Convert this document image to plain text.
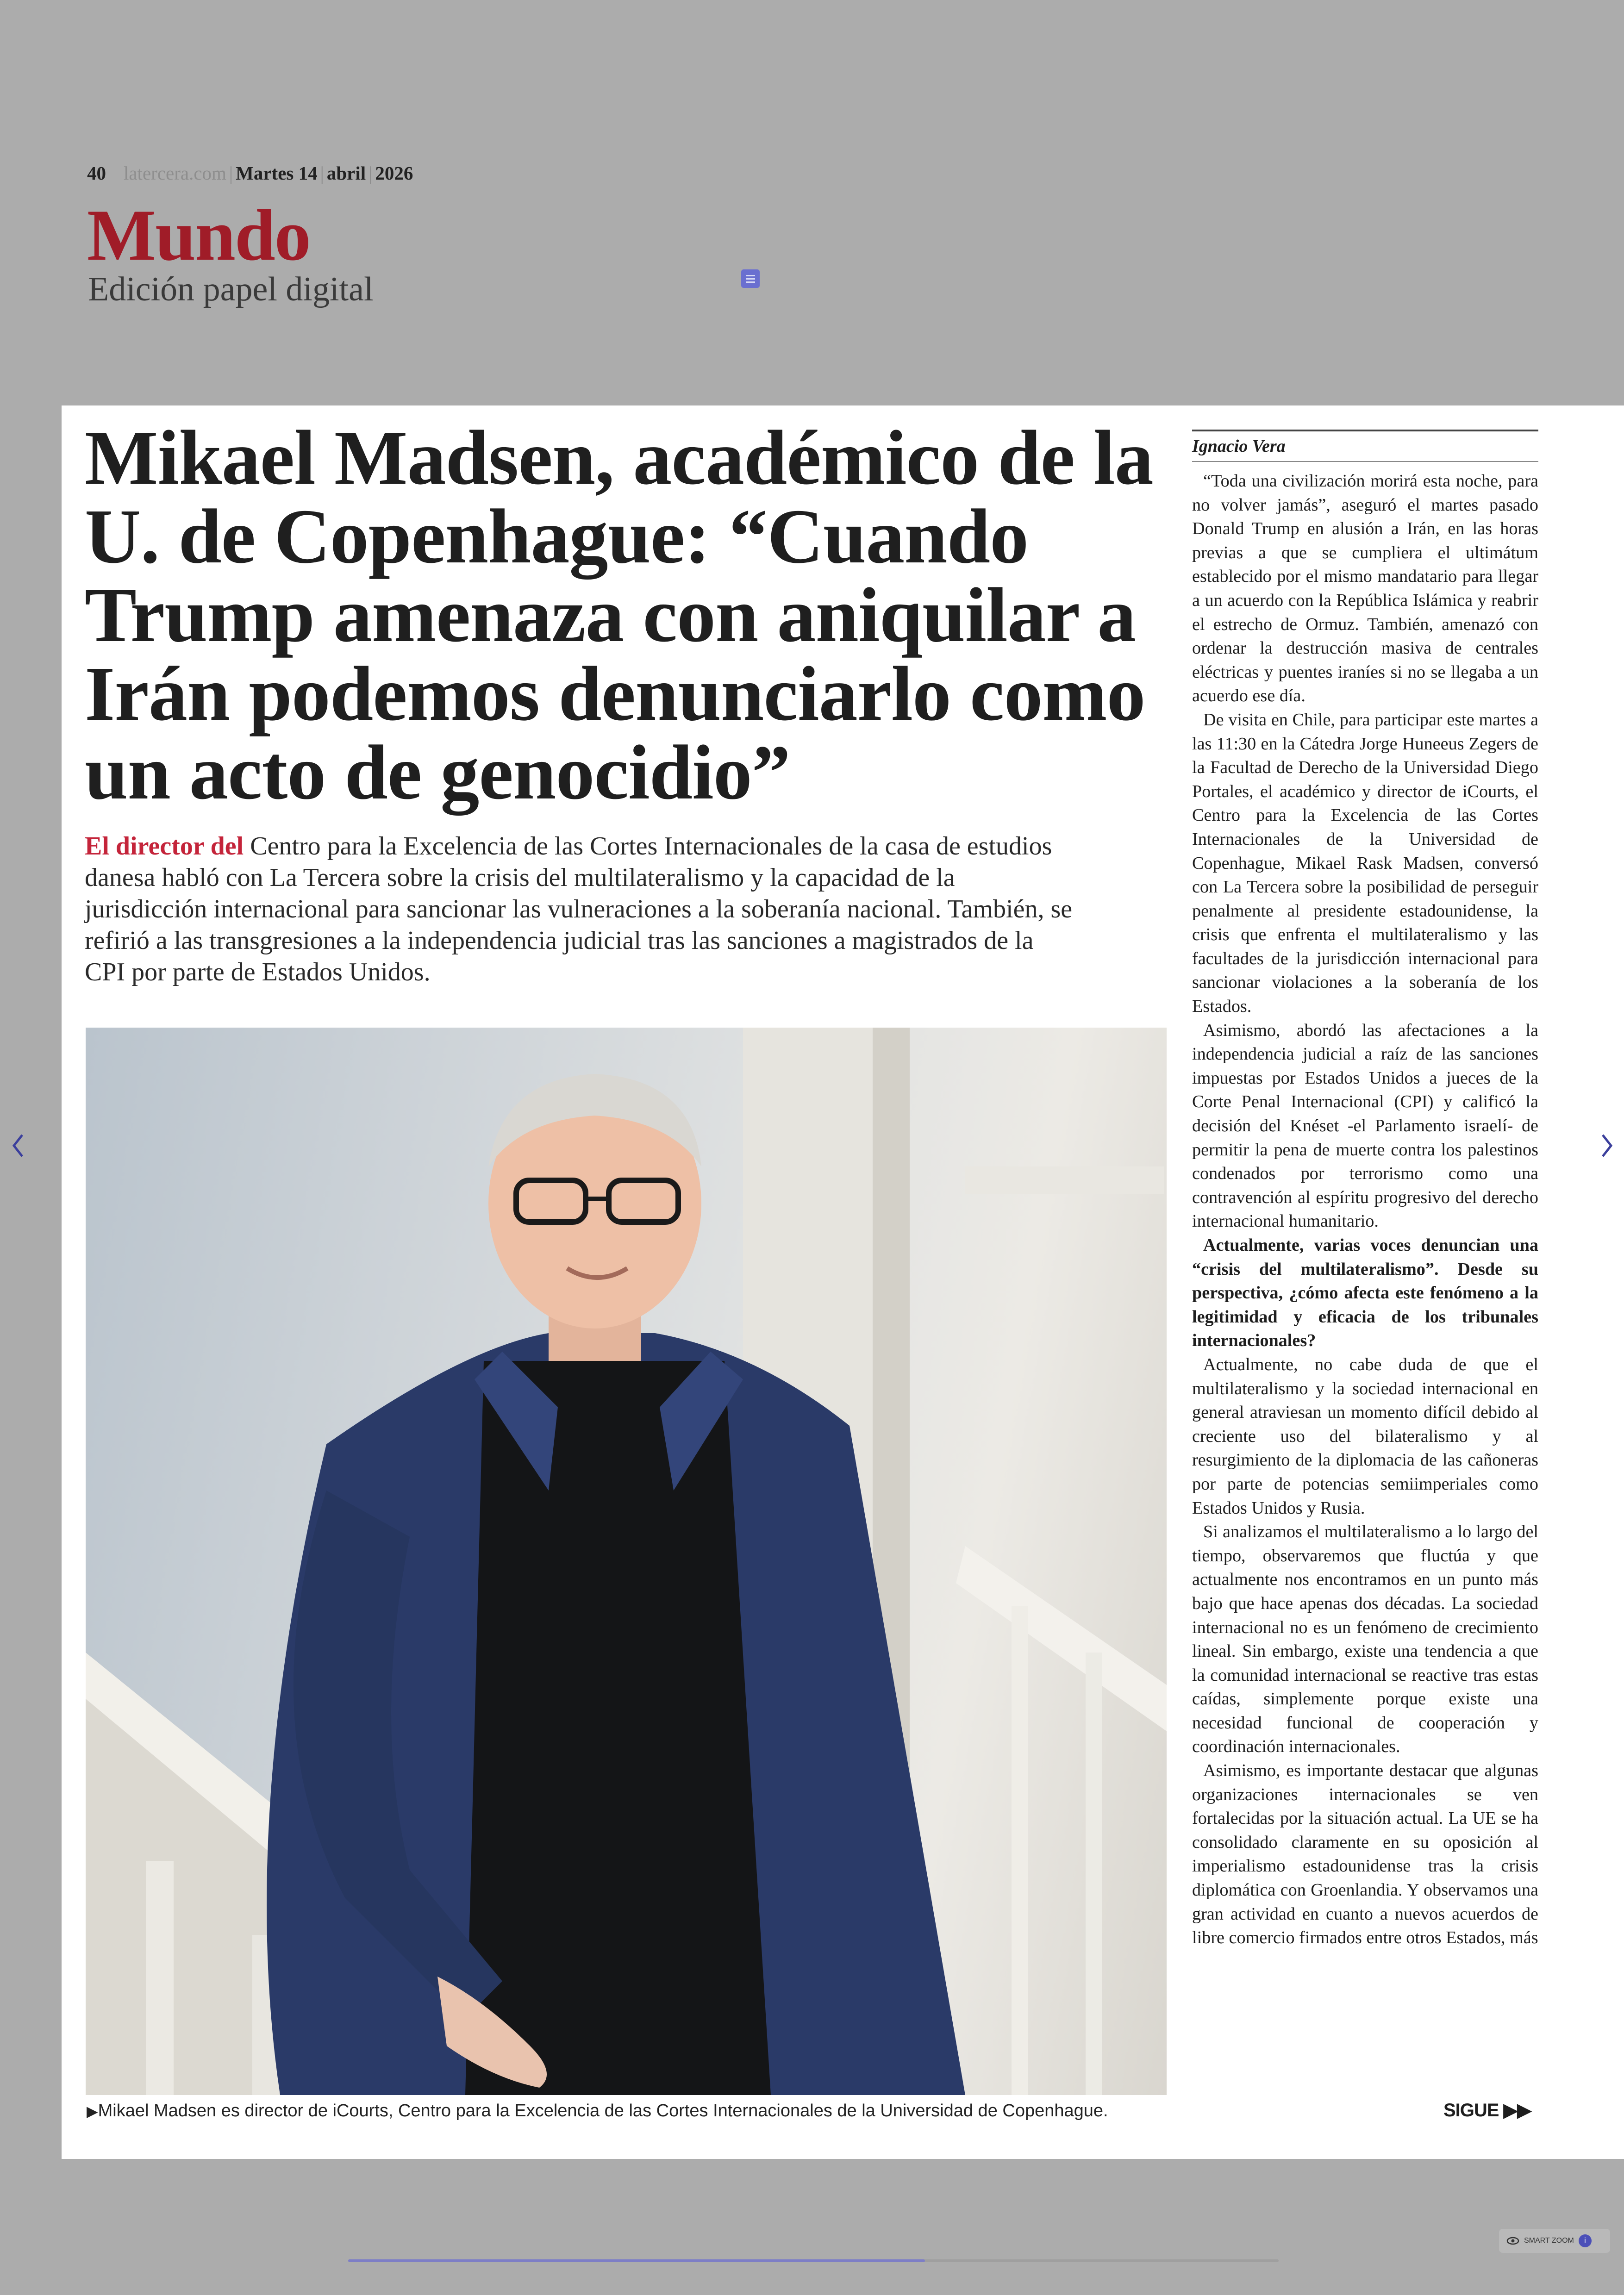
40 latercera.com | Martes 14 | abril | 2026
Mundo
Edición papel digital
Mikael Madsen, académico de la U. de Copenhague: “Cuando Trump amenaza con aniquilar a Irán podemos denunciarlo como un acto de genocidio”

El director del Centro para la Excelencia de las Cortes Internacionales de la casa de estudios danesa habló con La Tercera sobre la crisis del multilateralismo y la capacidad de la jurisdicción internacional para sancionar las vulneraciones a la soberanía nacional. También, se refirió a las transgresiones a la independencia judicial tras las sanciones a magistrados de la CPI por parte de Estados Unidos.

▶Mikael Madsen es director de iCourts, Centro para la Excelencia de las Cortes Internacionales de la Universidad de Copenhague.
Ignacio Vera

“Toda una civilización morirá esta noche, para no volver jamás”, aseguró el martes pasado Donald Trump en alusión a Irán, en las horas previas a que se cumpliera el ultimátum establecido por el mismo mandatario para llegar a un acuerdo con la República Islámica y reabrir el estrecho de Ormuz. También, amenazó con ordenar la destrucción masiva de centrales eléctricas y puentes iraníes si no se llegaba a un acuerdo ese día.

De visita en Chile, para participar este martes a las 11:30 en la Cátedra Jorge Huneeus Zegers de la Facultad de Derecho de la Universidad Diego Portales, el académico y director de iCourts, el Centro para la Excelencia de las Cortes Internacionales de la Universidad de Copenhague, Mikael Rask Madsen, conversó con La Tercera sobre la posibilidad de perseguir penalmente al presidente estadounidense, la crisis que enfrenta el multilateralismo y las facultades de la jurisdicción internacional para sancionar violaciones a la soberanía de los Estados.

Asimismo, abordó las afectaciones a la independencia judicial a raíz de las sanciones impuestas por Estados Unidos a jueces de la Corte Penal Internacional (CPI) y calificó la decisión del Knéset -el Parlamento israelí- de permitir la pena de muerte contra los palestinos condenados por terrorismo como una contravención al espíritu progresivo del derecho internacional humanitario.

Actualmente, varias voces denuncian una “crisis del multilateralismo”. Desde su perspectiva, ¿cómo afecta este fenómeno a la legitimidad y eficacia de los tribunales internacionales?

Actualmente, no cabe duda de que el multilateralismo y la sociedad internacional en general atraviesan un momento difícil debido al creciente uso del bilateralismo y al resurgimiento de la diplomacia de las cañoneras por parte de potencias semiimperiales como Estados Unidos y Rusia.

Si analizamos el multilateralismo a lo largo del tiempo, observaremos que fluctúa y que actualmente nos encontramos en un punto más bajo que hace apenas dos décadas. La sociedad internacional no es un fenómeno de crecimiento lineal. Sin embargo, existe una tendencia a que la comunidad internacional se reactive tras estas caídas, simplemente porque existe una necesidad funcional de cooperación y coordinación internacionales.

Asimismo, es importante destacar que algunas organizaciones internacionales se ven fortalecidas por la situación actual. La UE se ha consolidado claramente en su oposición al imperialismo estadounidense tras la crisis diplomática con Groenlandia. Y observamos una gran actividad en cuanto a nuevos acuerdos de libre comercio firmados entre otros Estados, más

SIGUE ▶▶
SMART ZOOM	i
